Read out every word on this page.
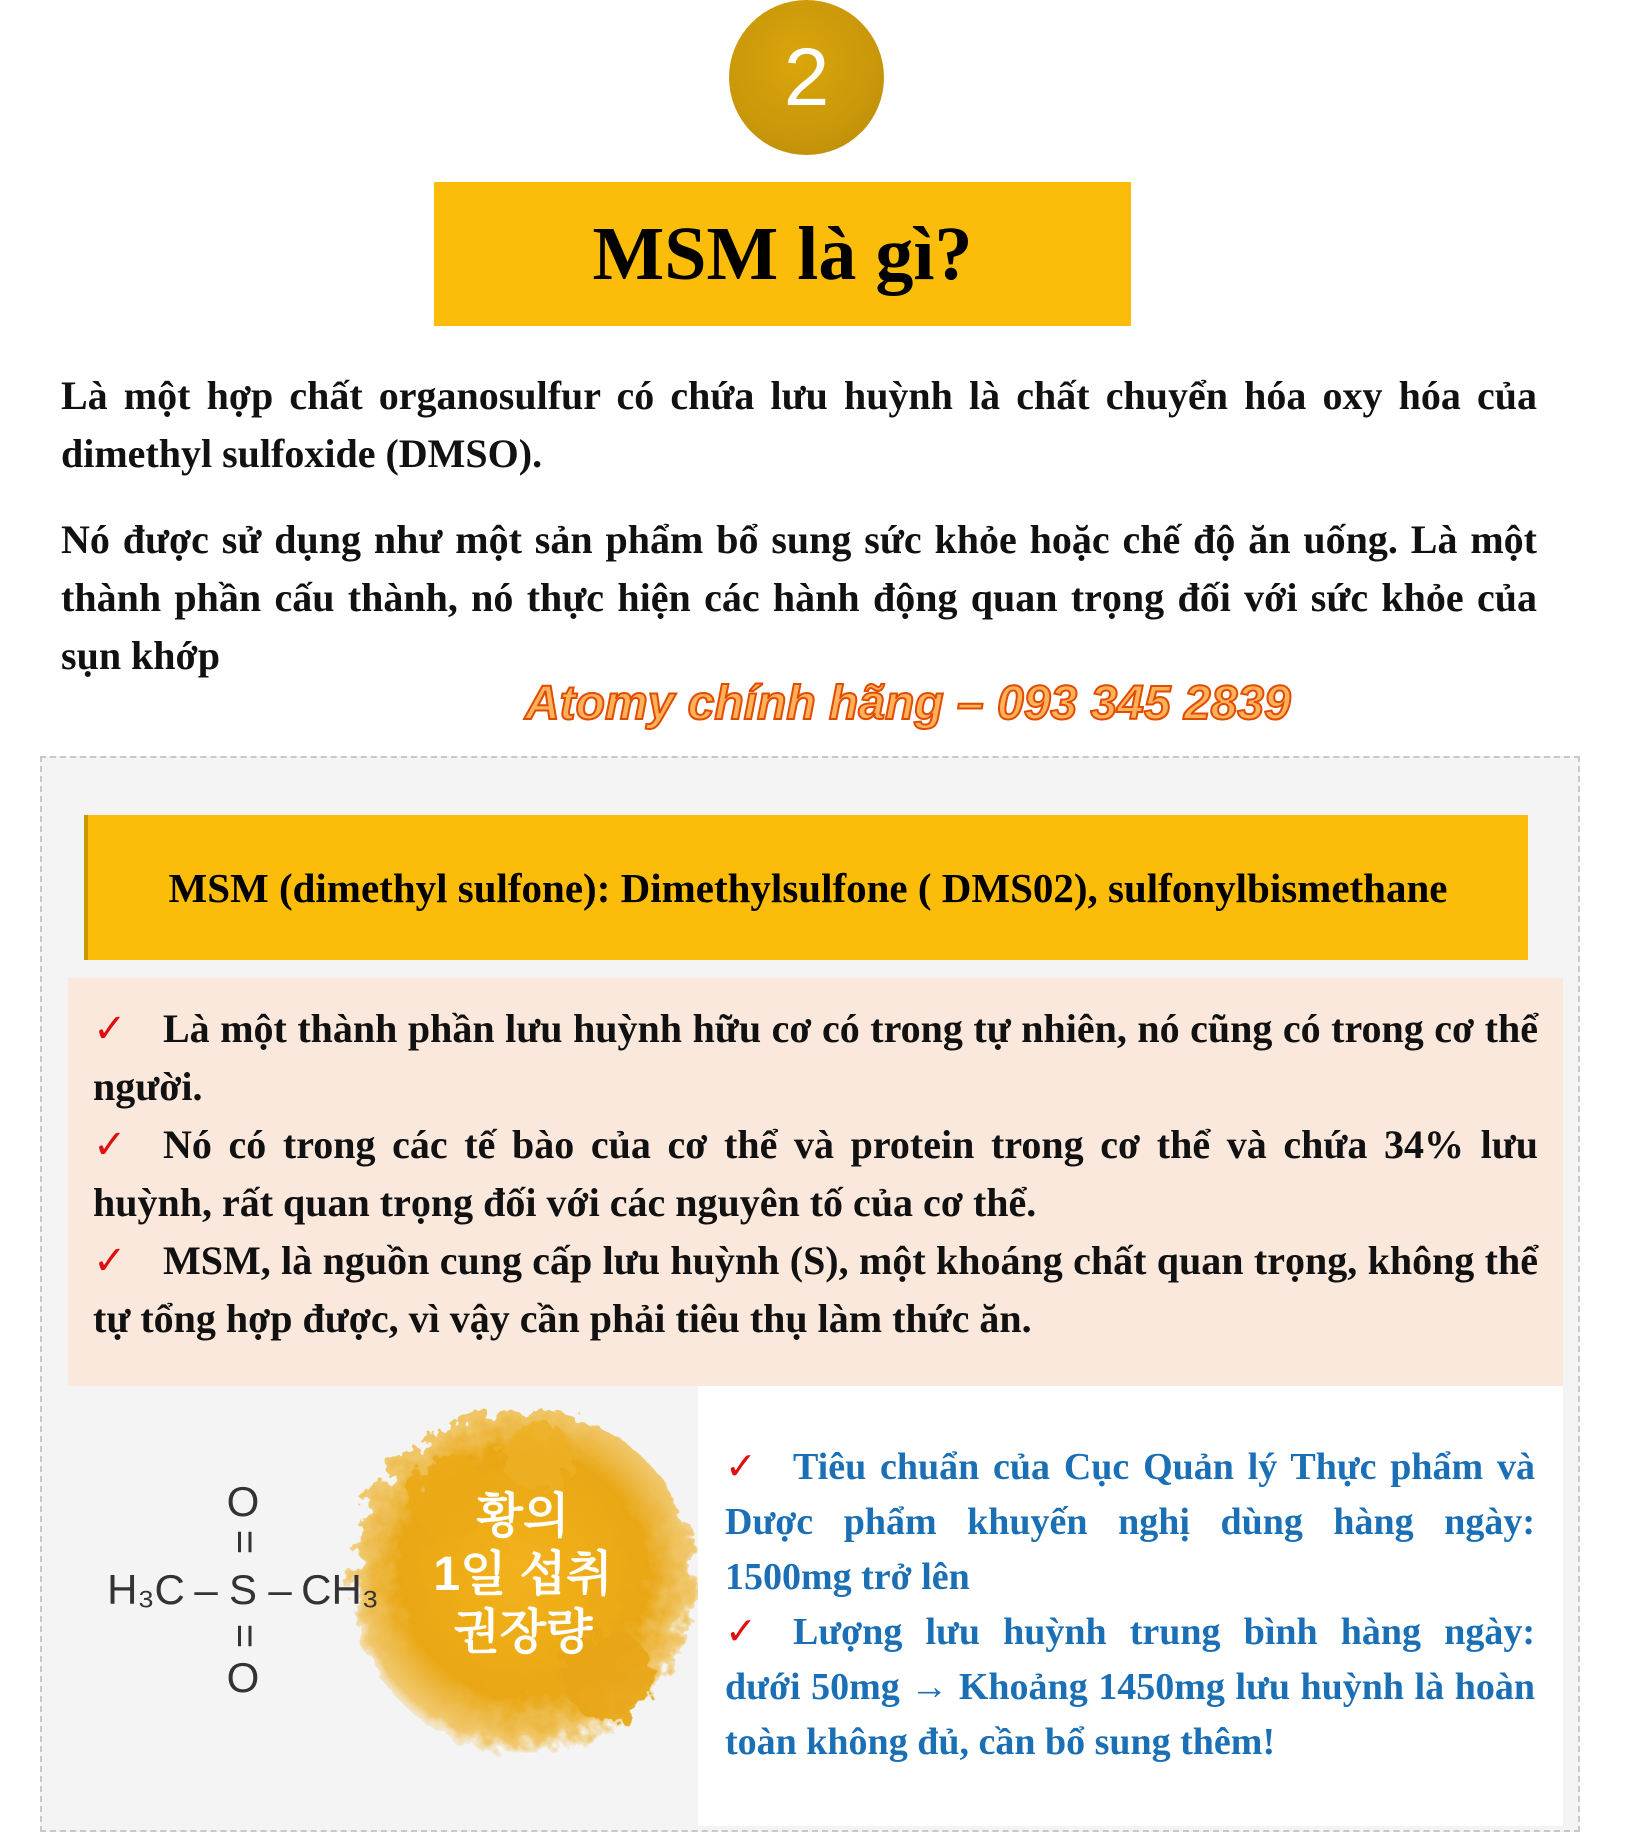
2
MSM là gì?
Là một hợp chất organosulfur có chứa lưu huỳnh là chất chuyển hóa oxy hóa của dimethyl sulfoxide (DMSO).
Nó được sử dụng như một sản phẩm bổ sung sức khỏe hoặc chế độ ăn uống. Là một thành phần cấu thành, nó thực hiện các hành động quan trọng đối với sức khỏe của sụn khớp
Atomy chính hãng – 093 345 2839
MSM (dimethyl sulfone): Dimethylsulfone ( DMS02), sulfonylbismethane

✓ Là một thành phần lưu huỳnh hữu cơ có trong tự nhiên, nó cũng có trong cơ thể người.

✓ Nó có trong các tế bào của cơ thể và protein trong cơ thể và chứa 34% lưu huỳnh, rất quan trọng đối với các nguyên tố của cơ thể.

✓ MSM, là nguồn cung cấp lưu huỳnh (S), một khoáng chất quan trọng, không thể tự tổng hợp được, vì vậy cần phải tiêu thụ làm thức ăn.

황의
1일 섭취
권장량
O
=
H₃C – S – CH₃
=
O

✓ Tiêu chuẩn của Cục Quản lý Thực phẩm và Dược phẩm khuyến nghị dùng hàng ngày: 1500mg trở lên

✓ Lượng lưu huỳnh trung bình hàng ngày: dưới 50mg → Khoảng 1450mg lưu huỳnh là hoàn toàn không đủ, cần bổ sung thêm!
